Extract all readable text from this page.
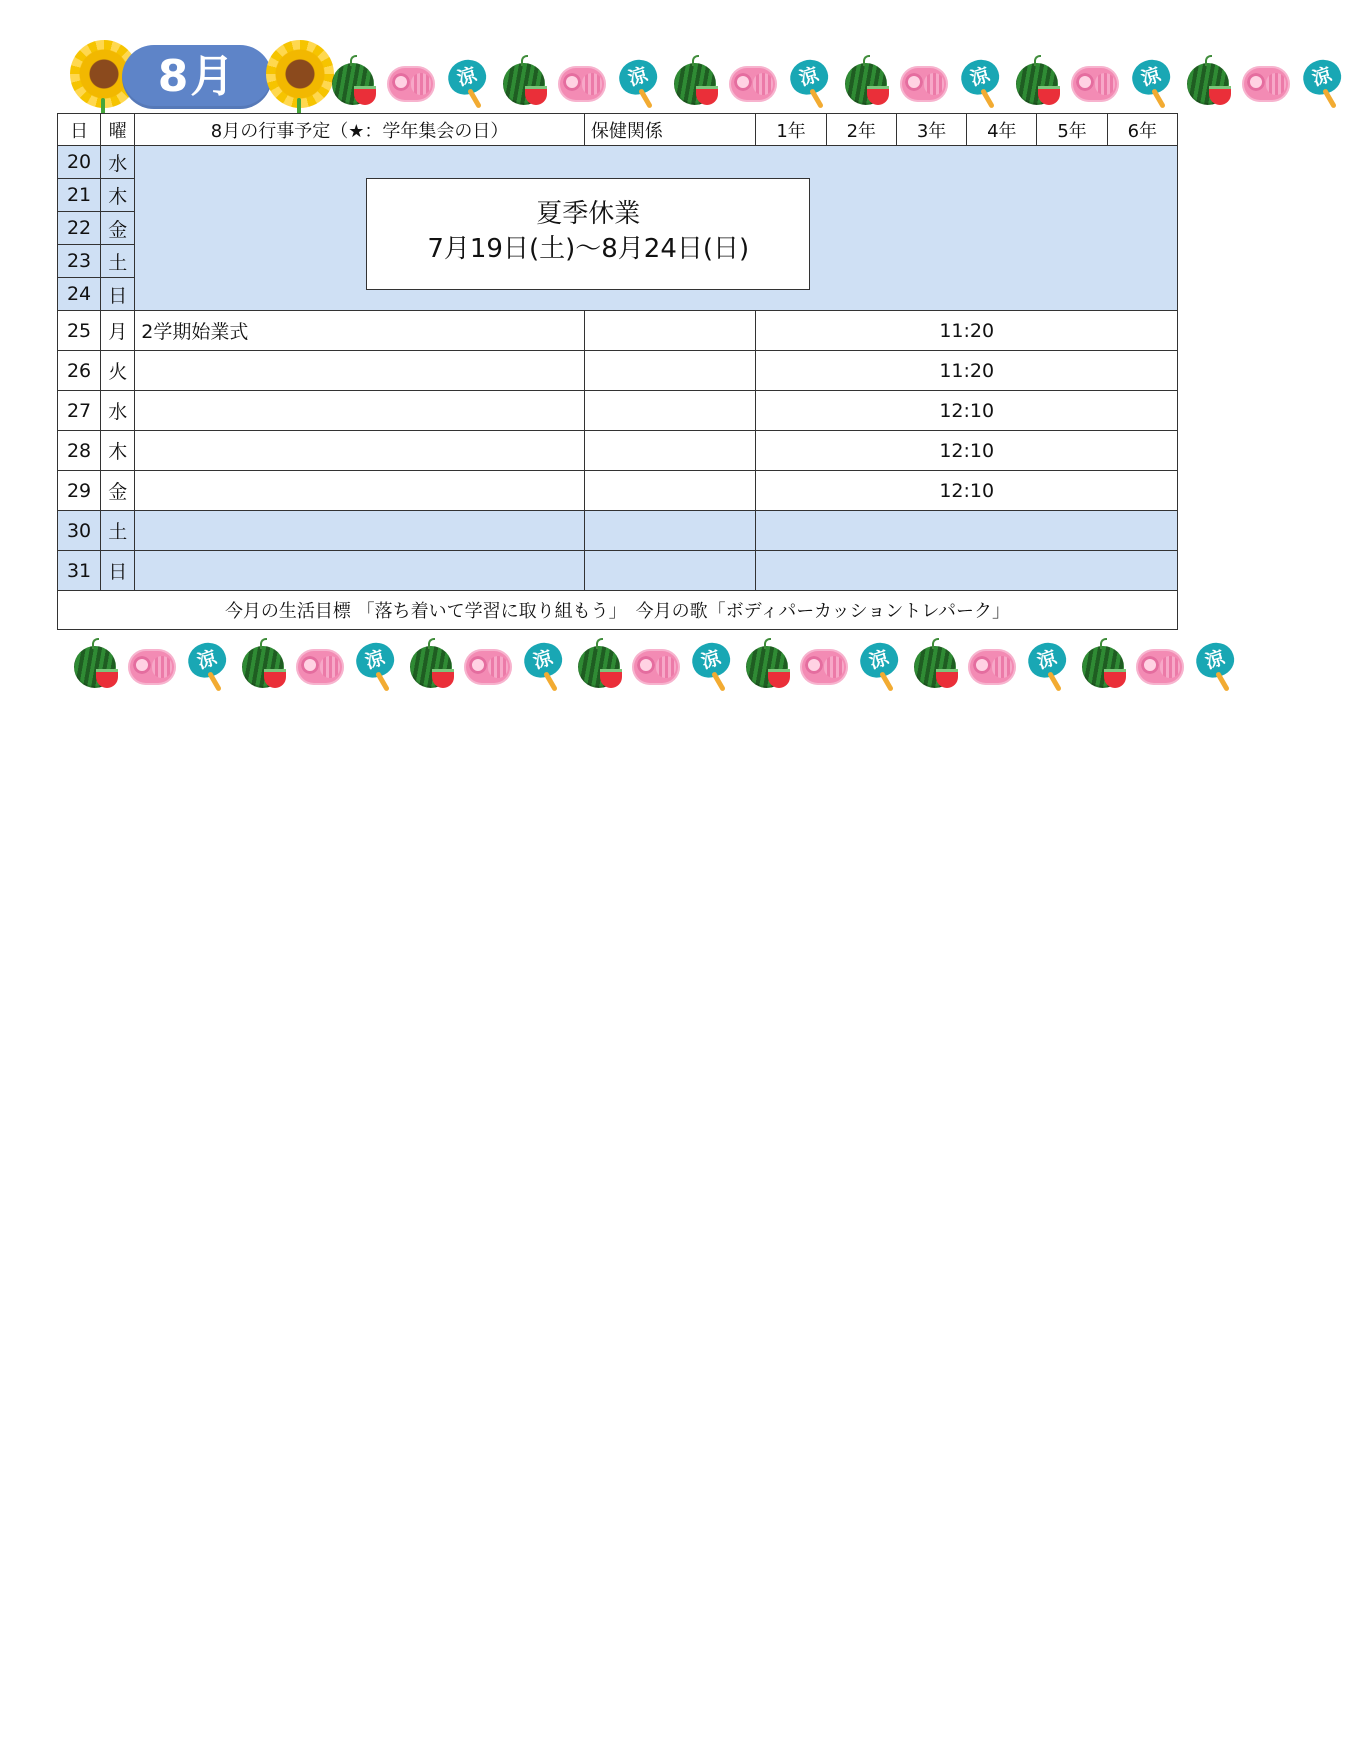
8月	涼	涼	涼	涼	涼	涼
日	曜	8月の行事予定（★：学年集会の日）	保健関係	1年	2年	3年	4年	5年	6年
20	水	夏季休業
7月19日(土)～8月24日(日)							

21	木								
22	金								
23	土								
24	日								
25	月	2学期始業式		11:20					
26	火			11:20					
27	水			12:10					
28	木			12:10					
29	金			12:10					
30	土								
31	日								
今月の生活目標 「落ち着いて学習に取り組もう」　今月の歌「ボディパーカッショントレパーク」									
涼	涼	涼	涼	涼	涼	涼
